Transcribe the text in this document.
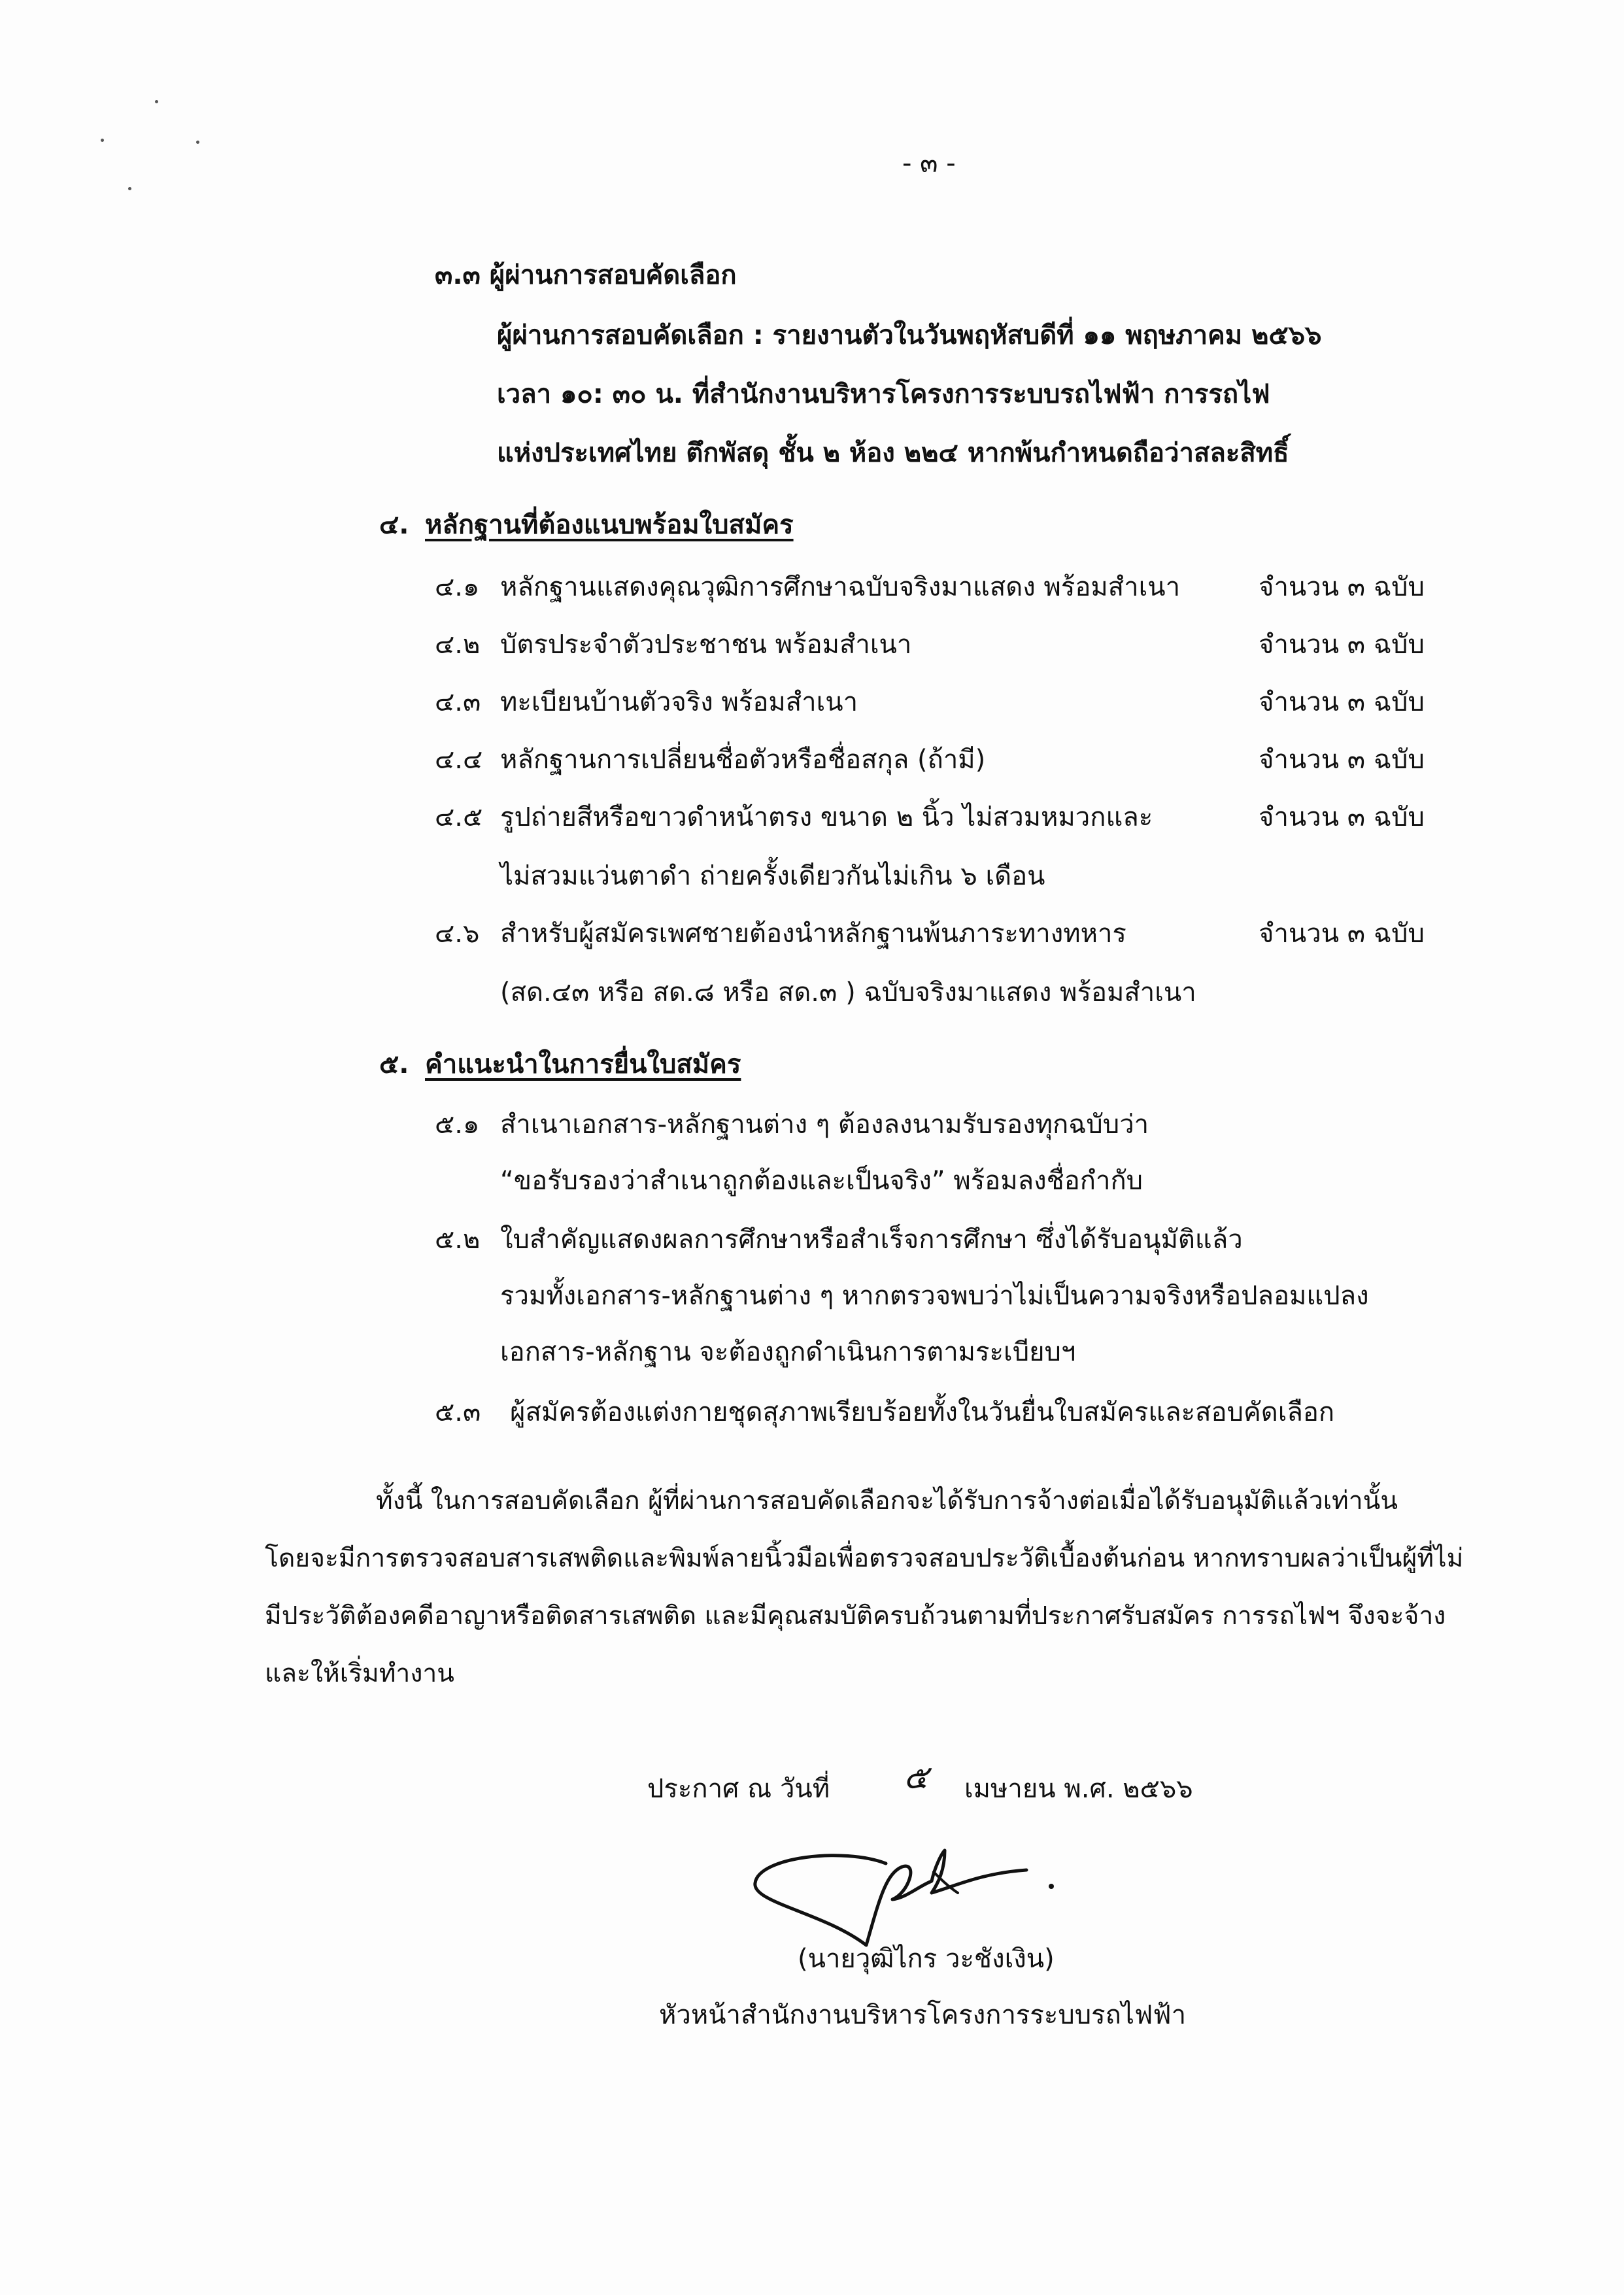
- ๓ -
๓.๓ ผู้ผ่านการสอบคัดเลือก
ผู้ผ่านการสอบคัดเลือก : รายงานตัวในวันพฤหัสบดีที่ ๑๑ พฤษภาคม ๒๕๖๖
เวลา ๑๐: ๓๐ น. ที่สำนักงานบริหารโครงการระบบรถไฟฟ้า การรถไฟ
แห่งประเทศไทย ตึกพัสดุ ชั้น ๒ ห้อง ๒๒๔ หากพ้นกำหนดถือว่าสละสิทธิ์
๔. หลักฐานที่ต้องแนบพร้อมใบสมัคร
๔.๑ หลักฐานแสดงคุณวุฒิการศึกษาฉบับจริงมาแสดง พร้อมสำเนา	จำนวน ๓ ฉบับ
๔.๒ บัตรประจำตัวประชาชน พร้อมสำเนา	จำนวน ๓ ฉบับ
๔.๓ ทะเบียนบ้านตัวจริง พร้อมสำเนา	จำนวน ๓ ฉบับ
๔.๔ หลักฐานการเปลี่ยนชื่อตัวหรือชื่อสกุล (ถ้ามี)	จำนวน ๓ ฉบับ
๔.๕ รูปถ่ายสีหรือขาวดำหน้าตรง ขนาด ๒ นิ้ว ไม่สวมหมวกและ	จำนวน ๓ ฉบับ
ไม่สวมแว่นตาดำ ถ่ายครั้งเดียวกันไม่เกิน ๖ เดือน
๔.๖ สำหรับผู้สมัครเพศชายต้องนำหลักฐานพ้นภาระทางทหาร	จำนวน ๓ ฉบับ
(สด.๔๓ หรือ สด.๘ หรือ สด.๓ ) ฉบับจริงมาแสดง พร้อมสำเนา
๕. คำแนะนำในการยื่นใบสมัคร
๕.๑ สำเนาเอกสาร-หลักฐานต่าง ๆ ต้องลงนามรับรองทุกฉบับว่า
“ขอรับรองว่าสำเนาถูกต้องและเป็นจริง” พร้อมลงชื่อกำกับ
๕.๒ ใบสำคัญแสดงผลการศึกษาหรือสำเร็จการศึกษา ซึ่งได้รับอนุมัติแล้ว
รวมทั้งเอกสาร-หลักฐานต่าง ๆ หากตรวจพบว่าไม่เป็นความจริงหรือปลอมแปลง
เอกสาร-หลักฐาน จะต้องถูกดำเนินการตามระเบียบฯ
๕.๓ ผู้สมัครต้องแต่งกายชุดสุภาพเรียบร้อยทั้งในวันยื่นใบสมัครและสอบคัดเลือก
ทั้งนี้ ในการสอบคัดเลือก ผู้ที่ผ่านการสอบคัดเลือกจะได้รับการจ้างต่อเมื่อได้รับอนุมัติแล้วเท่านั้น
โดยจะมีการตรวจสอบสารเสพติดและพิมพ์ลายนิ้วมือเพื่อตรวจสอบประวัติเบื้องต้นก่อน หากทราบผลว่าเป็นผู้ที่ไม่
มีประวัติต้องคดีอาญาหรือติดสารเสพติด และมีคุณสมบัติครบถ้วนตามที่ประกาศรับสมัคร การรถไฟฯ จึงจะจ้าง
และให้เริ่มทำงาน
ประกาศ ณ วันที่ ๕ เมษายน พ.ศ. ๒๕๖๖
(นายวุฒิไกร วะชังเงิน)
หัวหน้าสำนักงานบริหารโครงการระบบรถไฟฟ้า
